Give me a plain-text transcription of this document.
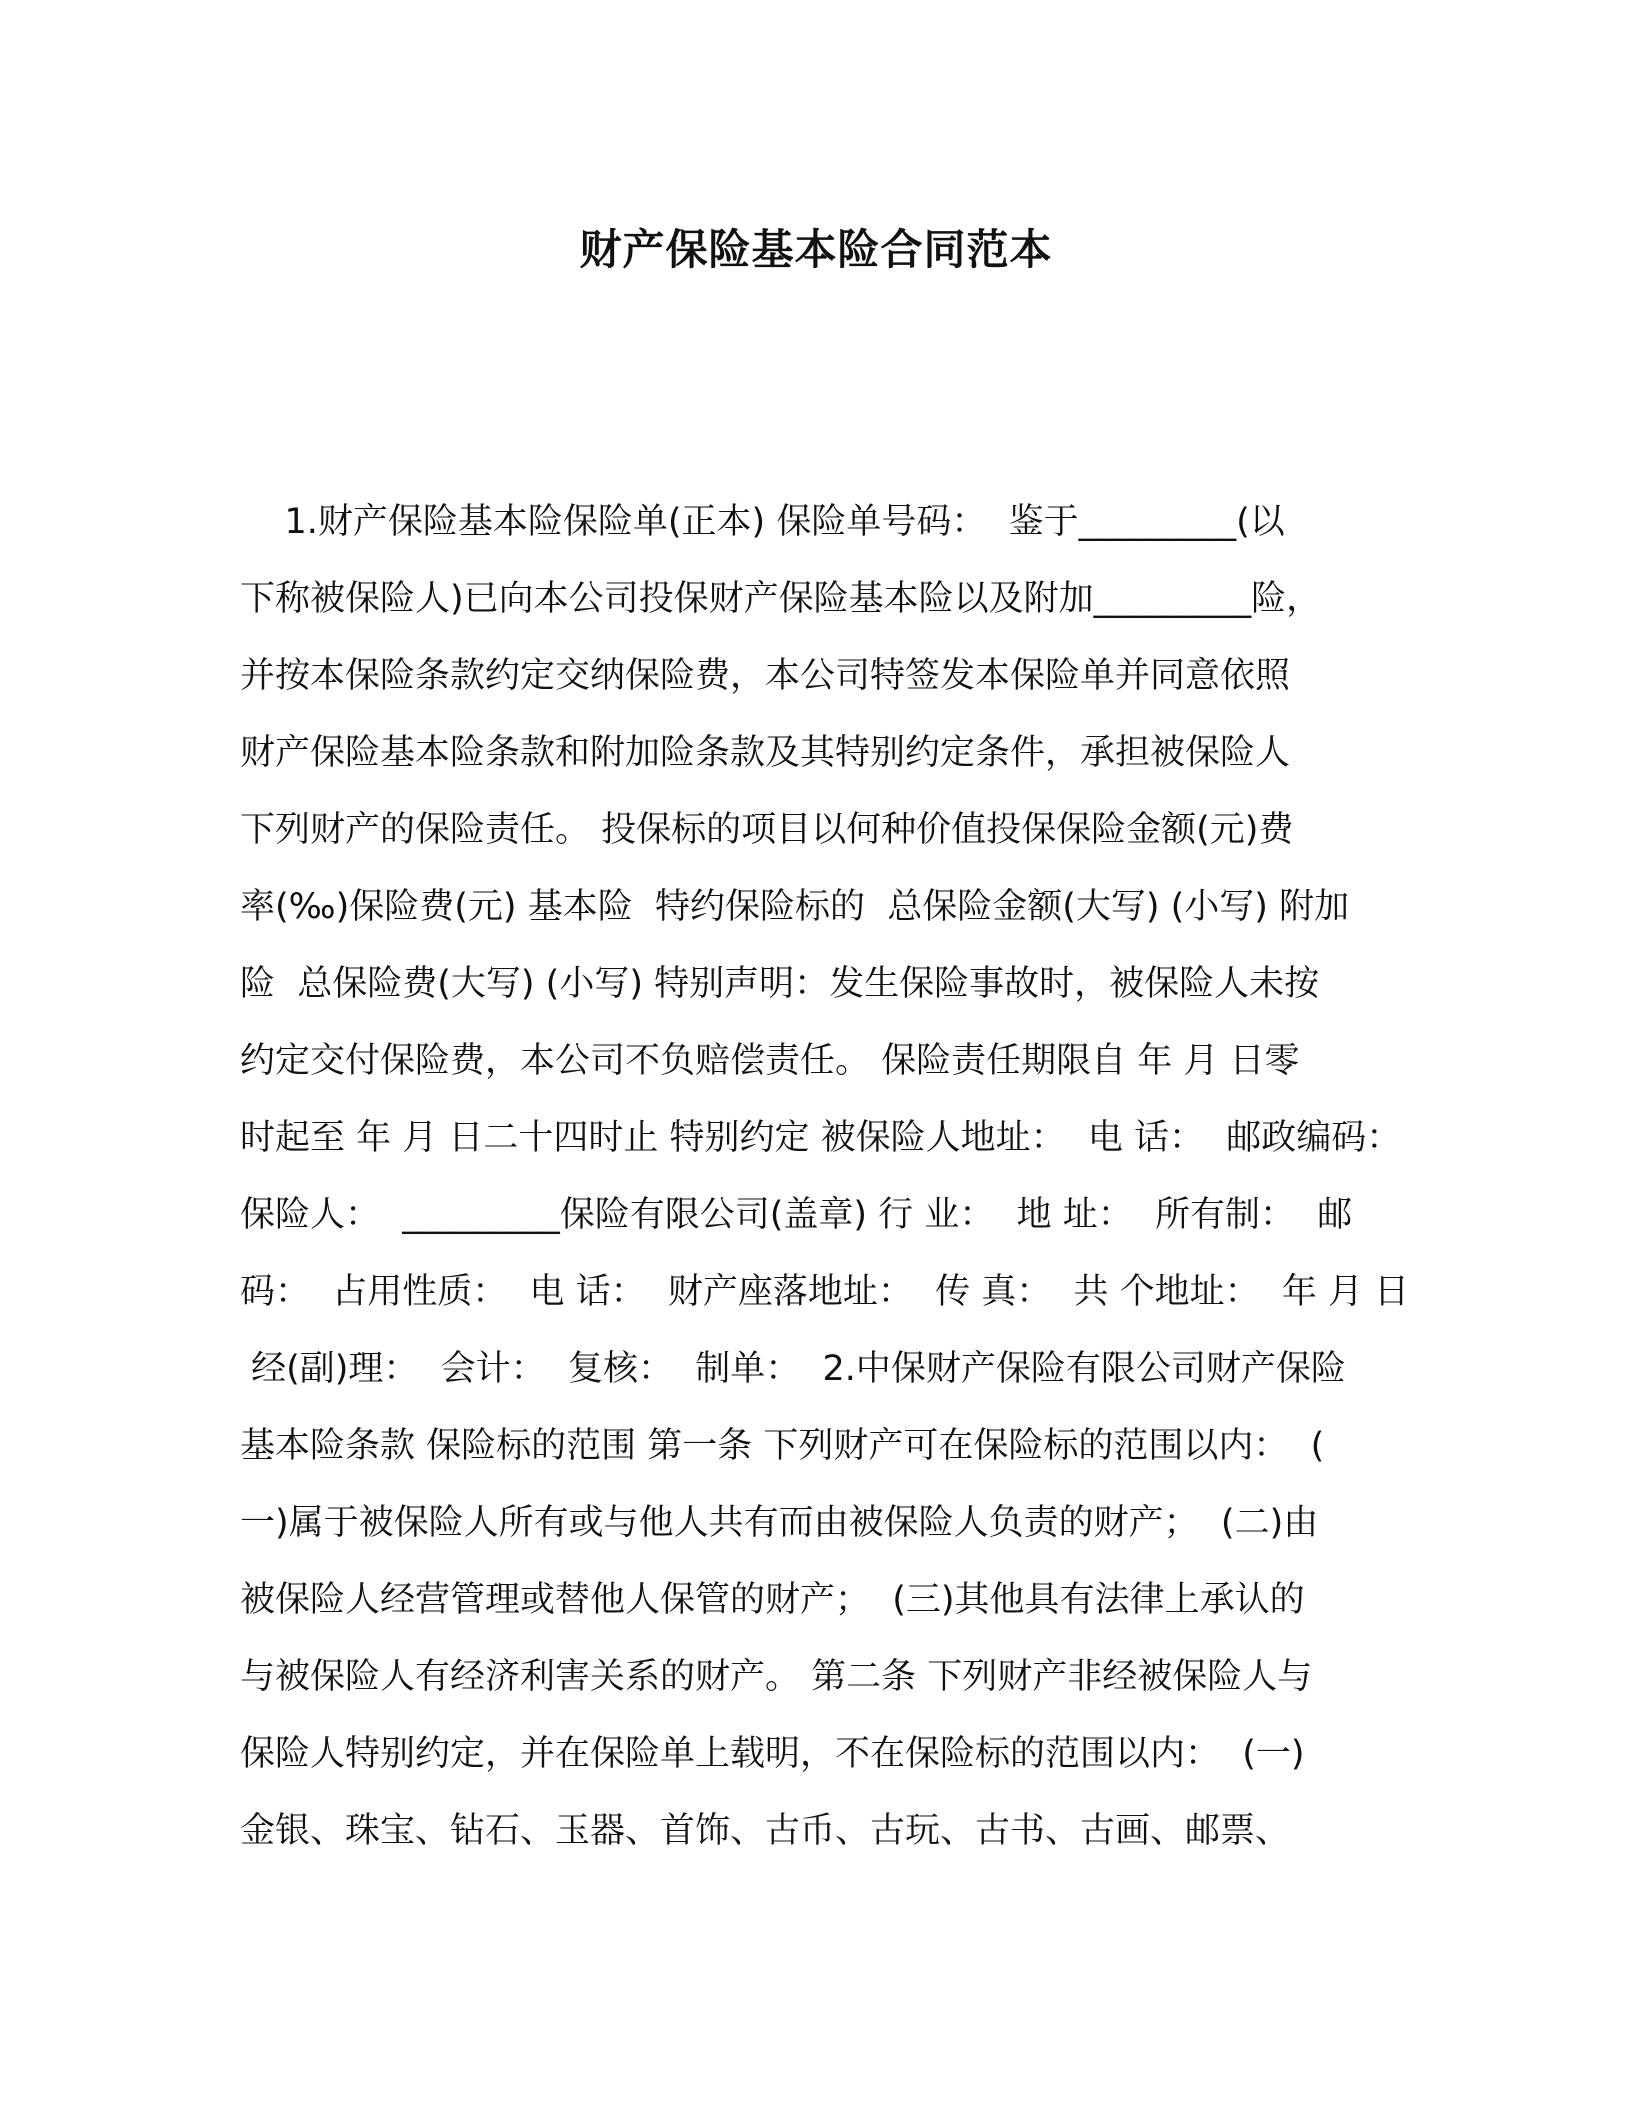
财产保险基本险合同范本
1.财产保险基本险保险单(正本) 保险单号码：  鉴于_________(以
下称被保险人)已向本公司投保财产保险基本险以及附加_________险，
并按本保险条款约定交纳保险费，本公司特签发本保险单并同意依照
财产保险基本险条款和附加险条款及其特别约定条件，承担被保险人
下列财产的保险责任。 投保标的项目以何种价值投保保险金额(元)费
率(‰)保险费(元) 基本险  特约保险标的  总保险金额(大写) (小写) 附加
险  总保险费(大写) (小写) 特别声明：发生保险事故时，被保险人未按
约定交付保险费，本公司不负赔偿责任。 保险责任期限自 年 月 日零
时起至 年 月 日二十四时止 特别约定 被保险人地址：  电 话：  邮政编码：
保险人：  _________保险有限公司(盖章) 行 业：  地 址：  所有制：  邮
码：  占用性质：  电 话：  财产座落地址：  传 真：  共 个地址：  年 月 日
经(副)理：  会计：  复核：  制单：  2.中保财产保险有限公司财产保险
基本险条款 保险标的范围 第一条 下列财产可在保险标的范围以内：  (
一)属于被保险人所有或与他人共有而由被保险人负责的财产；  (二)由
被保险人经营管理或替他人保管的财产；  (三)其他具有法律上承认的
与被保险人有经济利害关系的财产。 第二条 下列财产非经被保险人与
保险人特别约定，并在保险单上载明，不在保险标的范围以内：  (一)
金银、珠宝、钻石、玉器、首饰、古币、古玩、古书、古画、邮票、
